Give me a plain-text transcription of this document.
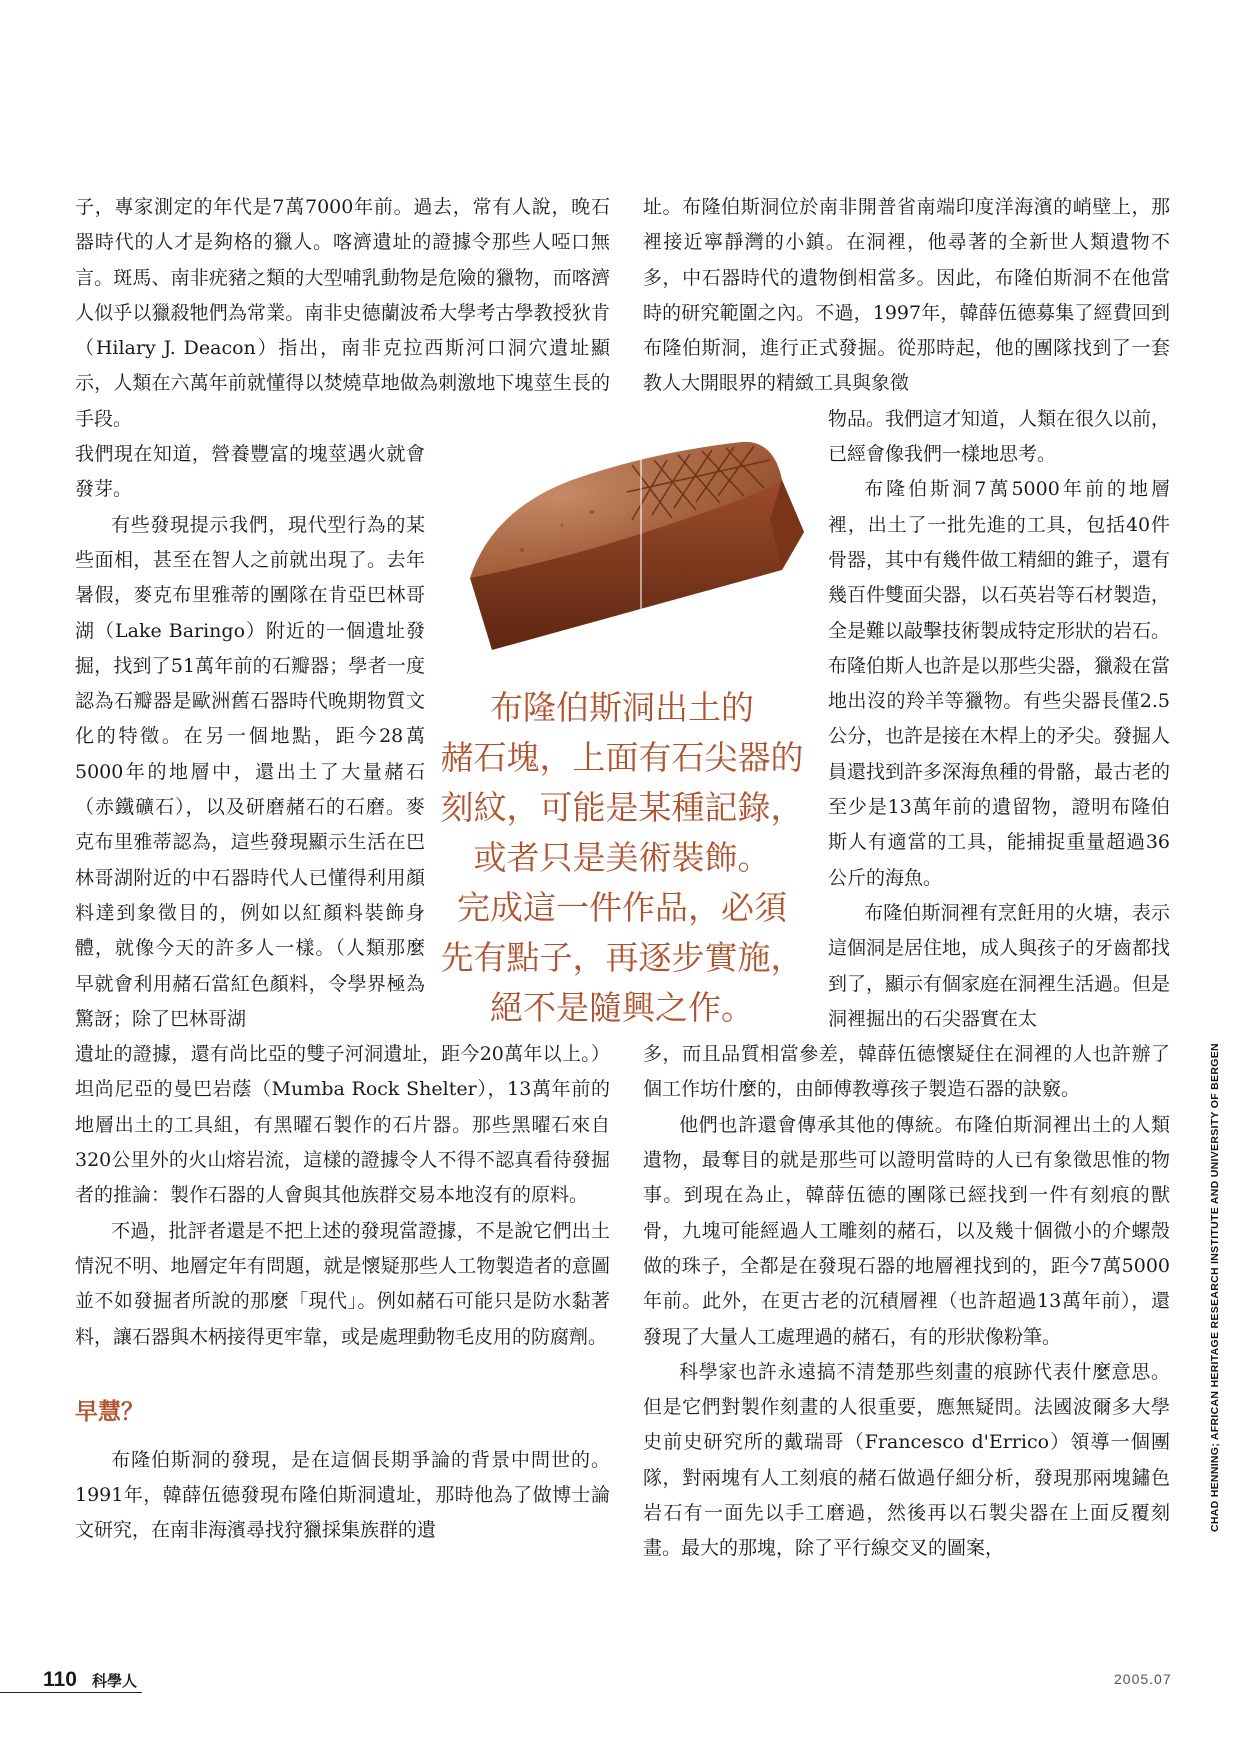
子，專家測定的年代是7萬7000年前。過去，常有人說，晚石器時代的人才是夠格的獵人。喀濟遺址的證據令那些人啞口無言。斑馬、南非疣豬之類的大型哺乳動物是危險的獵物，而喀濟人似乎以獵殺牠們為常業。南非史德蘭波希大學考古學教授狄肯（Hilary J. Deacon）指出，南非克拉西斯河口洞穴遺址顯示，人類在六萬年前就懂得以焚燒草地做為刺激地下塊莖生長的手段。

我們現在知道，營養豐富的塊莖遇火就會發芽。

有些發現提示我們，現代型行為的某些面相，甚至在智人之前就出現了。去年暑假，麥克布里雅蒂的團隊在肯亞巴林哥湖（Lake Baringo）附近的一個遺址發掘，找到了51萬年前的石瓣器；學者一度認為石瓣器是歐洲舊石器時代晚期物質文化的特徵。在另一個地點，距今28萬5000年的地層中，還出土了大量赭石（赤鐵礦石），以及研磨赭石的石磨。麥克布里雅蒂認為，這些發現顯示生活在巴林哥湖附近的中石器時代人已懂得利用顏料達到象徵目的，例如以紅顏料裝飾身體，就像今天的許多人一樣。（人類那麼早就會利用赭石當紅色顏料，令學界極為驚訝；除了巴林哥湖

遺址的證據，還有尚比亞的雙子河洞遺址，距今20萬年以上。）坦尚尼亞的曼巴岩蔭（Mumba Rock Shelter），13萬年前的地層出土的工具組，有黑曜石製作的石片器。那些黑曜石來自320公里外的火山熔岩流，這樣的證據令人不得不認真看待發掘者的推論：製作石器的人會與其他族群交易本地沒有的原料。

不過，批評者還是不把上述的發現當證據，不是說它們出土情況不明、地層定年有問題，就是懷疑那些人工物製造者的意圖並不如發掘者所說的那麼「現代」。例如赭石可能只是防水黏著料，讓石器與木柄接得更牢靠，或是處理動物毛皮用的防腐劑。

早慧？

布隆伯斯洞的發現，是在這個長期爭論的背景中問世的。1991年，韓薛伍德發現布隆伯斯洞遺址，那時他為了做博士論文研究，在南非海濱尋找狩獵採集族群的遺

址。布隆伯斯洞位於南非開普省南端印度洋海濱的峭壁上，那裡接近寧靜灣的小鎮。在洞裡，他尋著的全新世人類遺物不多，中石器時代的遺物倒相當多。因此，布隆伯斯洞不在他當時的研究範圍之內。不過，1997年，韓薛伍德募集了經費回到布隆伯斯洞，進行正式發掘。從那時起，他的團隊找到了一套教人大開眼界的精緻工具與象徵

物品。我們這才知道，人類在很久以前，已經會像我們一樣地思考。

布隆伯斯洞7萬5000年前的地層裡，出土了一批先進的工具，包括40件骨器，其中有幾件做工精細的錐子，還有幾百件雙面尖器，以石英岩等石材製造，全是難以敲擊技術製成特定形狀的岩石。布隆伯斯人也許是以那些尖器，獵殺在當地出沒的羚羊等獵物。有些尖器長僅2.5公分，也許是接在木桿上的矛尖。發掘人員還找到許多深海魚種的骨骼，最古老的至少是13萬年前的遺留物，證明布隆伯斯人有適當的工具，能捕捉重量超過36公斤的海魚。

布隆伯斯洞裡有烹飪用的火塘，表示這個洞是居住地，成人與孩子的牙齒都找到了，顯示有個家庭在洞裡生活過。但是洞裡掘出的石尖器實在太

多，而且品質相當參差，韓薛伍德懷疑住在洞裡的人也許辦了個工作坊什麼的，由師傅教導孩子製造石器的訣竅。

他們也許還會傳承其他的傳統。布隆伯斯洞裡出土的人類遺物，最奪目的就是那些可以證明當時的人已有象徵思惟的物事。到現在為止，韓薛伍德的團隊已經找到一件有刻痕的獸骨，九塊可能經過人工雕刻的赭石，以及幾十個微小的介螺殼做的珠子，全都是在發現石器的地層裡找到的，距今7萬5000年前。此外，在更古老的沉積層裡（也許超過13萬年前），還發現了大量人工處理過的赭石，有的形狀像粉筆。

科學家也許永遠搞不清楚那些刻畫的痕跡代表什麼意思。但是它們對製作刻畫的人很重要，應無疑問。法國波爾多大學史前史研究所的戴瑞哥（Francesco d'Errico）領導一個團隊，對兩塊有人工刻痕的赭石做過仔細分析，發現那兩塊鏽色岩石有一面先以手工磨過，然後再以石製尖器在上面反覆刻畫。最大的那塊，除了平行線交叉的圖案，

布隆伯斯洞出土的
赭石塊，上面有石尖器的
刻紋，可能是某種記錄，
或者只是美術裝飾。
完成這一件作品，必須
先有點子，再逐步實施，
絕不是隨興之作。
CHAD HENNING; AFRICAN HERITAGE RESEARCH INSTITUTE AND UNIVERSITY OF BERGEN
110 科學人	2005.07
